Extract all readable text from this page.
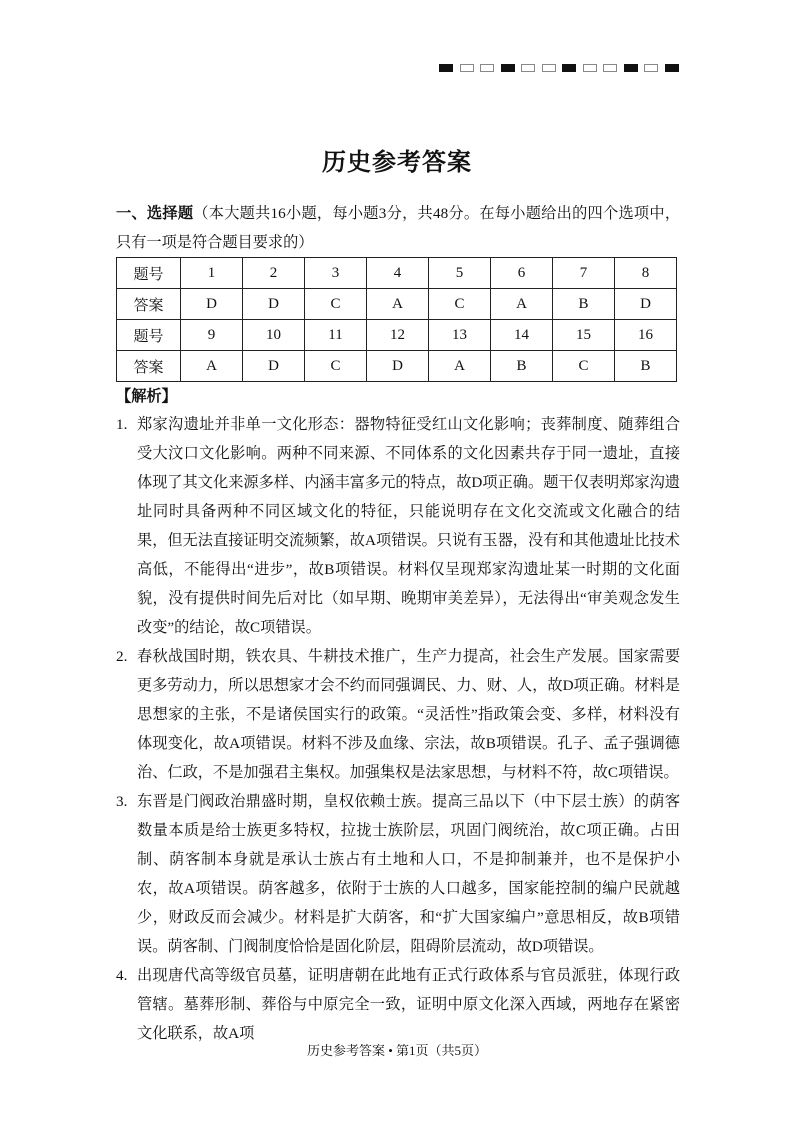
历史参考答案
一、选择题（本大题共16小题，每小题3分，共48分。在每小题给出的四个选项中，只有一项是符合题目要求的）
题号	1	2	3	4	5	6	7	8
答案	D	D	C	A	C	A	B	D
题号	9	10	11	12	13	14	15	16
答案	A	D	C	D	A	B	C	B
【解析】
1. 郑家沟遗址并非单一文化形态：器物特征受红山文化影响；丧葬制度、随葬组合受大汶口文化影响。两种不同来源、不同体系的文化因素共存于同一遗址，直接体现了其文化来源多样、内涵丰富多元的特点，故D项正确。题干仅表明郑家沟遗址同时具备两种不同区域文化的特征，只能说明存在文化交流或文化融合的结果，但无法直接证明交流频繁，故A项错误。只说有玉器，没有和其他遗址比技术高低，不能得出“进步”，故B项错误。材料仅呈现郑家沟遗址某一时期的文化面貌，没有提供时间先后对比（如早期、晚期审美差异），无法得出“审美观念发生改变”的结论，故C项错误。
2. 春秋战国时期，铁农具、牛耕技术推广，生产力提高，社会生产发展。国家需要更多劳动力，所以思想家才会不约而同强调民、力、财、人，故D项正确。材料是思想家的主张，不是诸侯国实行的政策。“灵活性”指政策会变、多样，材料没有体现变化，故A项错误。材料不涉及血缘、宗法，故B项错误。孔子、孟子强调德治、仁政，不是加强君主集权。加强集权是法家思想，与材料不符，故C项错误。
3. 东晋是门阀政治鼎盛时期，皇权依赖士族。提高三品以下（中下层士族）的荫客数量本质是给士族更多特权，拉拢士族阶层，巩固门阀统治，故C项正确。占田制、荫客制本身就是承认士族占有土地和人口，不是抑制兼并，也不是保护小农，故A项错误。荫客越多，依附于士族的人口越多，国家能控制的编户民就越少，财政反而会减少。材料是扩大荫客，和“扩大国家编户”意思相反，故B项错误。荫客制、门阀制度恰恰是固化阶层，阻碍阶层流动，故D项错误。
4. 出现唐代高等级官员墓，证明唐朝在此地有正式行政体系与官员派驻，体现行政管辖。墓葬形制、葬俗与中原完全一致，证明中原文化深入西域，两地存在紧密文化联系，故A项
历史参考答案 • 第1页（共5页）
